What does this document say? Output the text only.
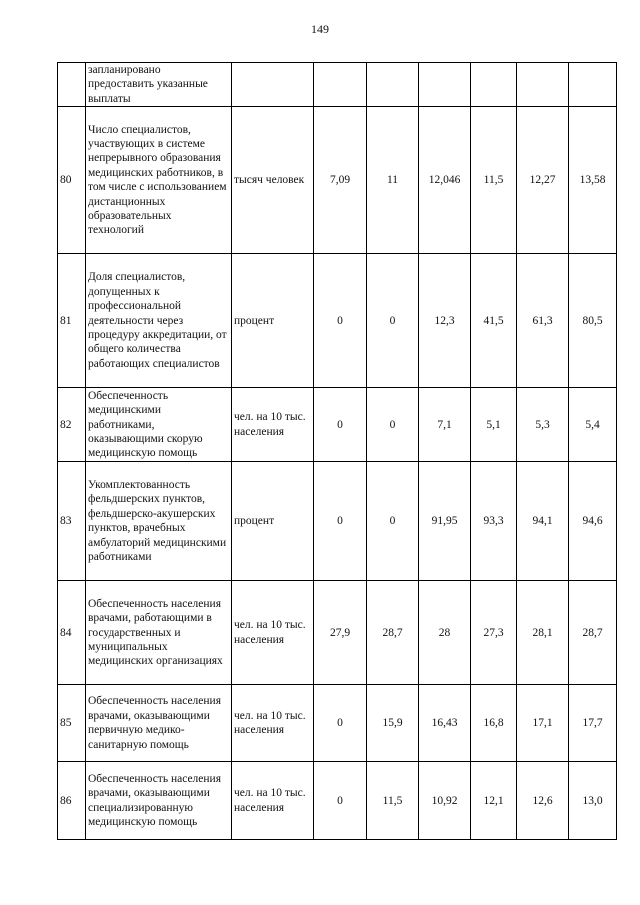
149
	запланировано предоставить указанные выплаты							
80	Число специалистов, участвующих в системе непрерывного образования медицинских работников, в том числе с использованием дистанционных образовательных технологий	тысяч человек	7,09	11	12,046	11,5	12,27	13,58
81	Доля специалистов, допущенных к профессиональной деятельности через процедуру аккредитации, от общего количества работающих специалистов	процент	0	0	12,3	41,5	61,3	80,5
82	Обеспеченность медицинскими работниками, оказывающими скорую медицинскую помощь	чел. на 10 тыс. населения	0	0	7,1	5,1	5,3	5,4
83	Укомплектованность фельдшерских пунктов, фельдшерско-акушерских пунктов, врачебных амбулаторий медицинскими работниками	процент	0	0	91,95	93,3	94,1	94,6
84	Обеспеченность населения врачами, работающими в государственных и муниципальных медицинских организациях	чел. на 10 тыс. населения	27,9	28,7	28	27,3	28,1	28,7
85	Обеспеченность населения врачами, оказывающими первичную медико-санитарную помощь	чел. на 10 тыс. населения	0	15,9	16,43	16,8	17,1	17,7
86	Обеспеченность населения врачами, оказывающими специализированную медицинскую помощь	чел. на 10 тыс. населения	0	11,5	10,92	12,1	12,6	13,0
